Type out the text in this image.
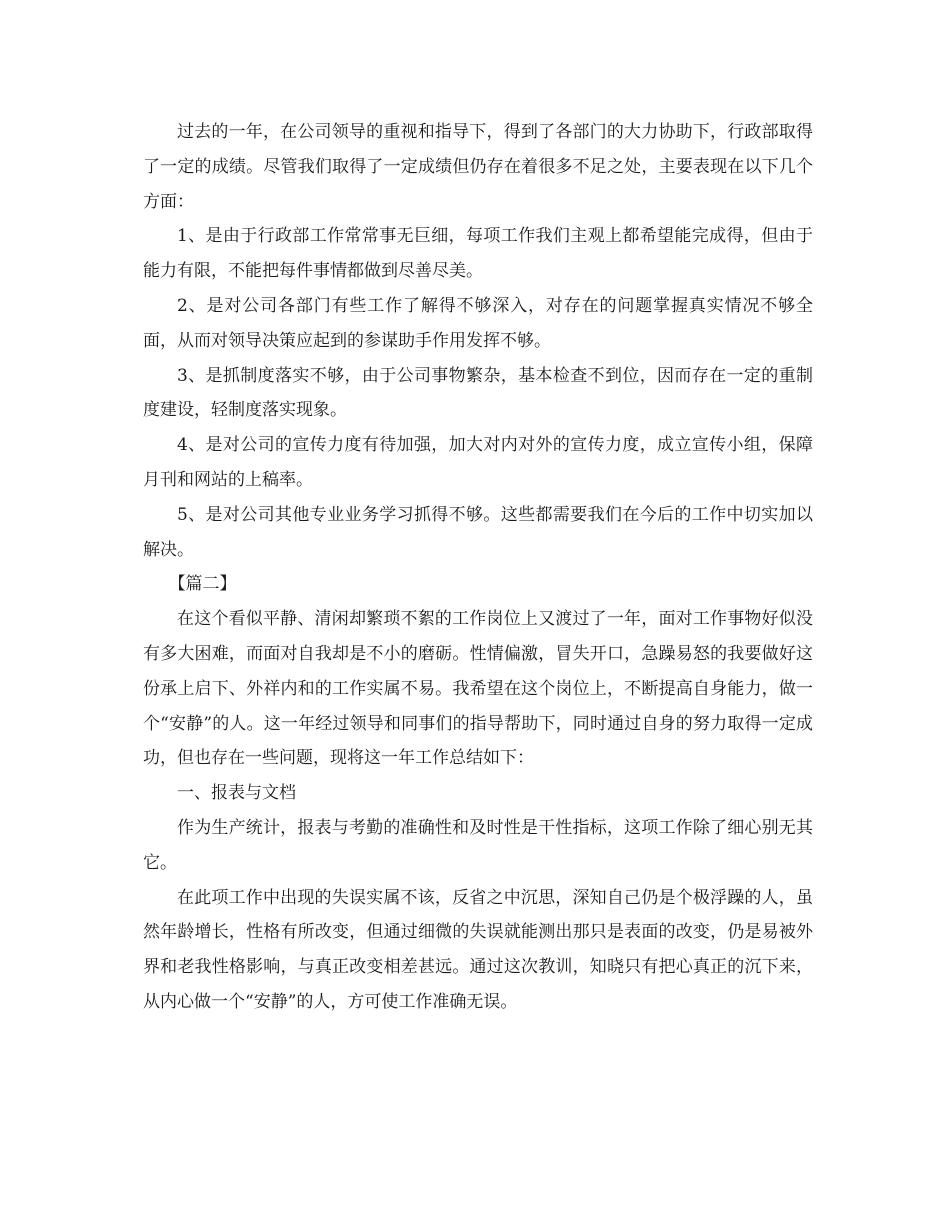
过去的一年，在公司领导的重视和指导下，得到了各部门的大力协助下，行政部取得了一定的成绩。尽管我们取得了一定成绩但仍存在着很多不足之处，主要表现在以下几个方面：

1、是由于行政部工作常常事无巨细，每项工作我们主观上都希望能完成得，但由于能力有限，不能把每件事情都做到尽善尽美。

2、是对公司各部门有些工作了解得不够深入，对存在的问题掌握真实情况不够全面，从而对领导决策应起到的参谋助手作用发挥不够。

3、是抓制度落实不够，由于公司事物繁杂，基本检查不到位，因而存在一定的重制度建设，轻制度落实现象。

4、是对公司的宣传力度有待加强，加大对内对外的宣传力度，成立宣传小组，保障月刊和网站的上稿率。

5、是对公司其他专业业务学习抓得不够。这些都需要我们在今后的工作中切实加以解决。

【篇二】

在这个看似平静、清闲却繁琐不絮的工作岗位上又渡过了一年，面对工作事物好似没有多大困难，而面对自我却是不小的磨砺。性情偏激，冒失开口，急躁易怒的我要做好这份承上启下、外祥内和的工作实属不易。我希望在这个岗位上，不断提高自身能力，做一个“安静”的人。这一年经过领导和同事们的指导帮助下，同时通过自身的努力取得一定成功，但也存在一些问题，现将这一年工作总结如下：

一、报表与文档

作为生产统计，报表与考勤的准确性和及时性是干性指标，这项工作除了细心别无其它。

在此项工作中出现的失误实属不该，反省之中沉思，深知自己仍是个极浮躁的人，虽然年龄增长，性格有所改变，但通过细微的失误就能测出那只是表面的改变，仍是易被外界和老我性格影响，与真正改变相差甚远。通过这次教训，知晓只有把心真正的沉下来，从内心做一个“安静”的人，方可使工作准确无误。
